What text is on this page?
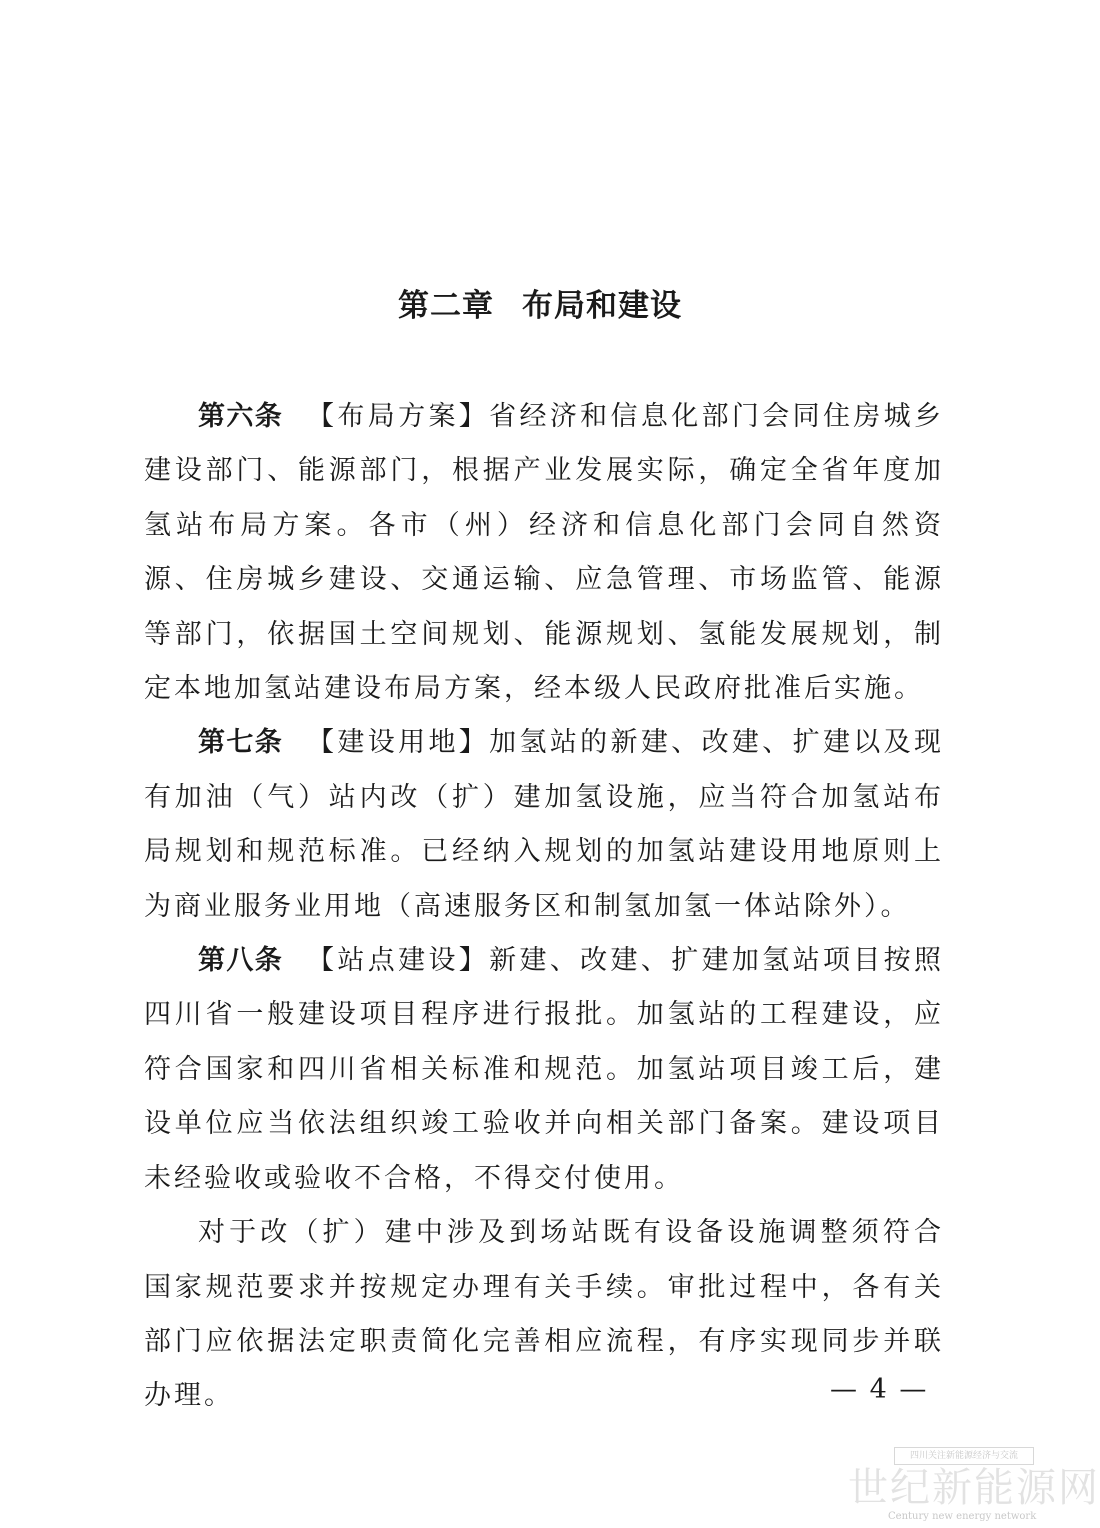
第二章 布局和建设

第六条 【布局方案】省经济和信息化部门会同住房城乡建设部门、能源部门，根据产业发展实际，确定全省年度加氢站布局方案。各市（州）经济和信息化部门会同自然资源、住房城乡建设、交通运输、应急管理、市场监管、能源等部门，依据国土空间规划、能源规划、氢能发展规划，制定本地加氢站建设布局方案，经本级人民政府批准后实施。

第七条 【建设用地】加氢站的新建、改建、扩建以及现有加油（气）站内改（扩）建加氢设施，应当符合加氢站布局规划和规范标准。已经纳入规划的加氢站建设用地原则上为商业服务业用地（高速服务区和制氢加氢一体站除外）。

第八条 【站点建设】新建、改建、扩建加氢站项目按照四川省一般建设项目程序进行报批。加氢站的工程建设，应符合国家和四川省相关标准和规范。加氢站项目竣工后，建设单位应当依法组织竣工验收并向相关部门备案。建设项目未经验收或验收不合格，不得交付使用。

对于改（扩）建中涉及到场站既有设备设施调整须符合国家规范要求并按规定办理有关手续。审批过程中，各有关部门应依据法定职责简化完善相应流程，有序实现同步并联办理。	— 4 —
四川关注新能源经济与交流
世纪新能源网
Century new energy network
